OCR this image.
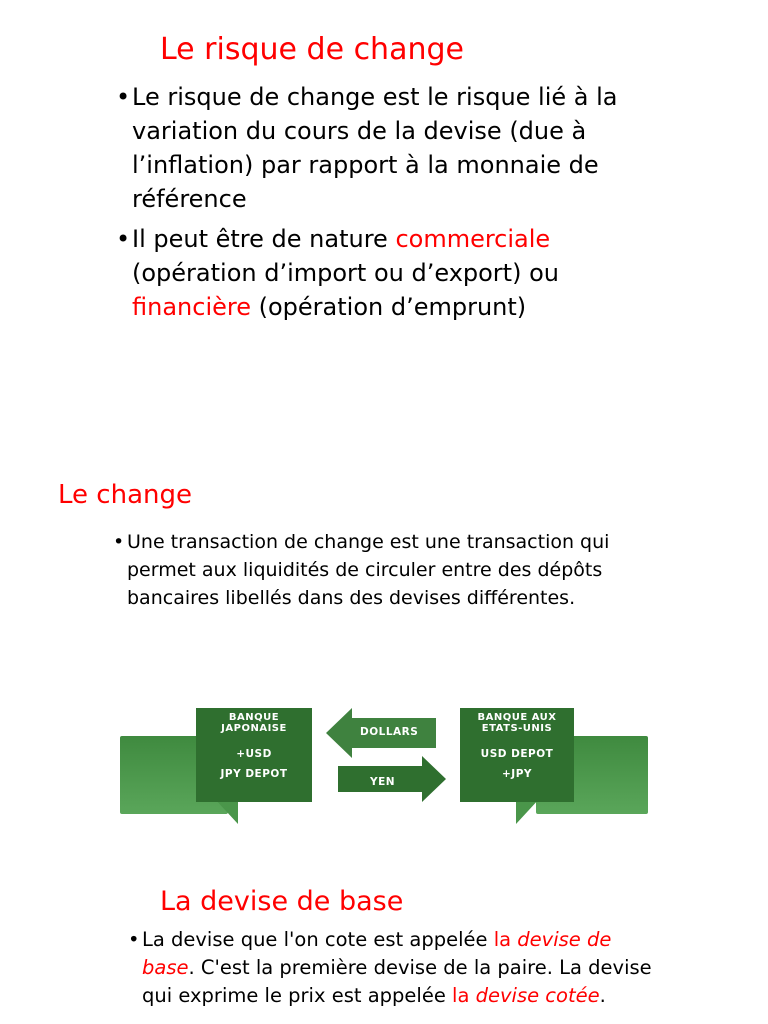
Le risque de change
• Le risque de change est le risque lié à la variation du cours de la devise (due à l’inflation) par rapport à la monnaie de référence
• Il peut être de nature commerciale (opération d’import ou d’export) ou financière (opération d’emprunt)
Le change
• Une transaction de change est une transaction qui permet aux liquidités de circuler entre des dépôts bancaires libellés dans des devises différentes.
BANQUE
JAPONAISE
+USD
JPY DEPOT
DOLLARS
YEN
BANQUE AUX
ETATS-UNIS
USD DEPOT
+JPY
La devise de base
• La devise que l'on cote est appelée la devise de base. C'est la première devise de la paire. La devise qui exprime le prix est appelée la devise cotée.
